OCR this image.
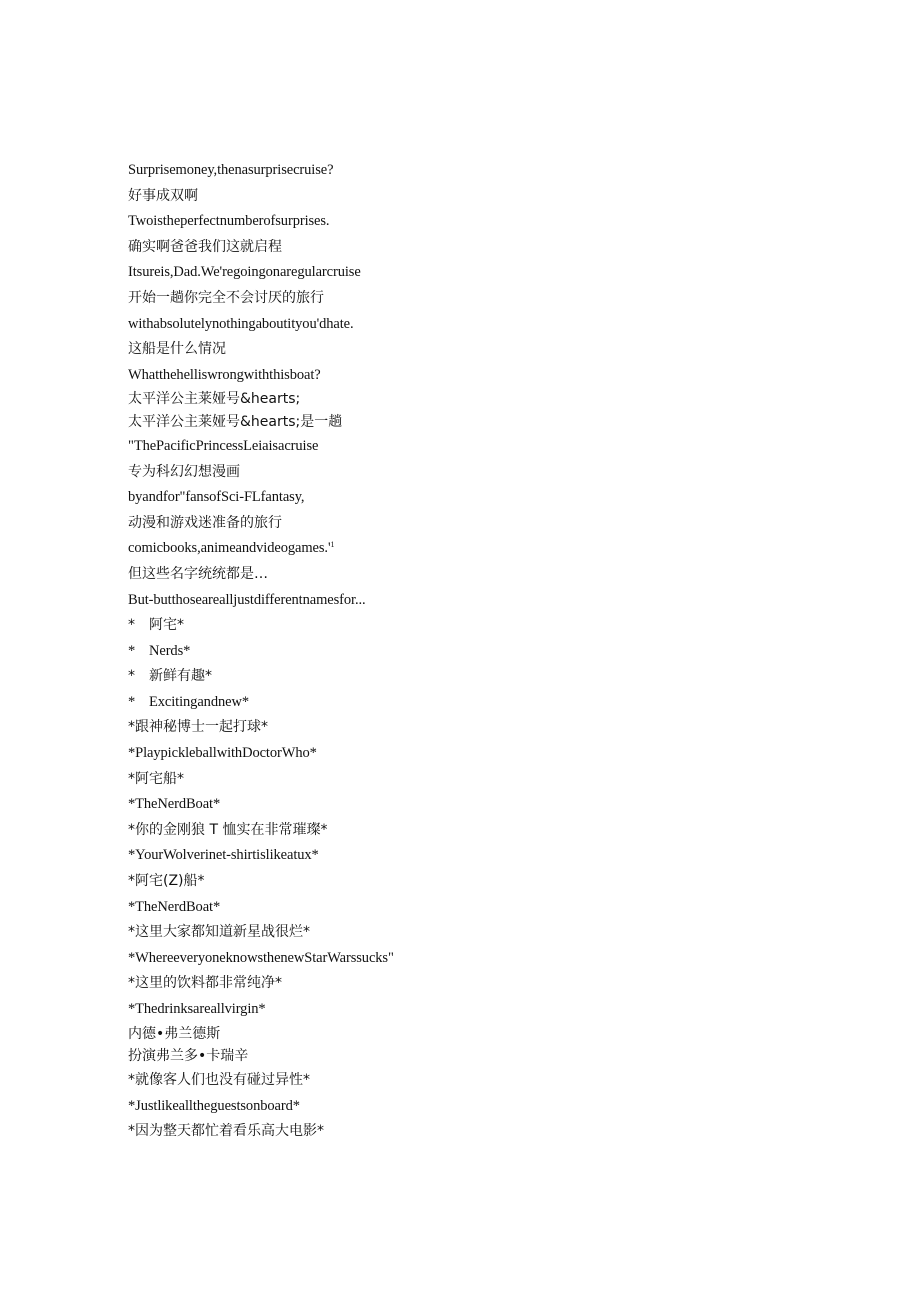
Surprisemoney,thenasurprisecruise?
好事成双啊
Twoistheperfectnumberofsurprises.
确实啊爸爸我们这就启程
Itsureis,Dad.We'regoingonaregularcruise
开始一趟你完全不会讨厌的旅行
withabsolutelynothingaboutityou'dhate.
这船是什么情况
Whatthehelliswrongwiththisboat?
太平洋公主莱娅号&hearts;
太平洋公主莱娅号&hearts;是一趟
"ThePacificPrincessLeiaisacruise
专为科幻幻想漫画
byandfor"fansofSci-FLfantasy,
动漫和游戏迷准备的旅行
$comicbooks,animeandvideogames.'^1$
但这些名字统统都是…
But-butthosearealljustdifferentnamesfor...
* 阿宅*
* Nerds*
* 新鲜有趣*
* Excitingandnew*
*跟神秘博士一起打球*
*PlaypickleballwithDoctorWho*
*阿宅船*
*TheNerdBoat*
*你的金刚狼 T 恤实在非常璀璨*
*YourWolverinet-shirtislikeatux*
*阿宅(Z)船*
*TheNerdBoat*
*这里大家都知道新星战很烂*
*WhereeveryoneknowsthenewStarWarssucks"
*这里的饮料都非常纯净*
*Thedrinksareallvirgin*
内德•弗兰德斯
扮演弗兰多•卡瑞辛
*就像客人们也没有碰过异性*
*Justlikealltheguestsonboard*
*因为整天都忙着看乐高大电影*
